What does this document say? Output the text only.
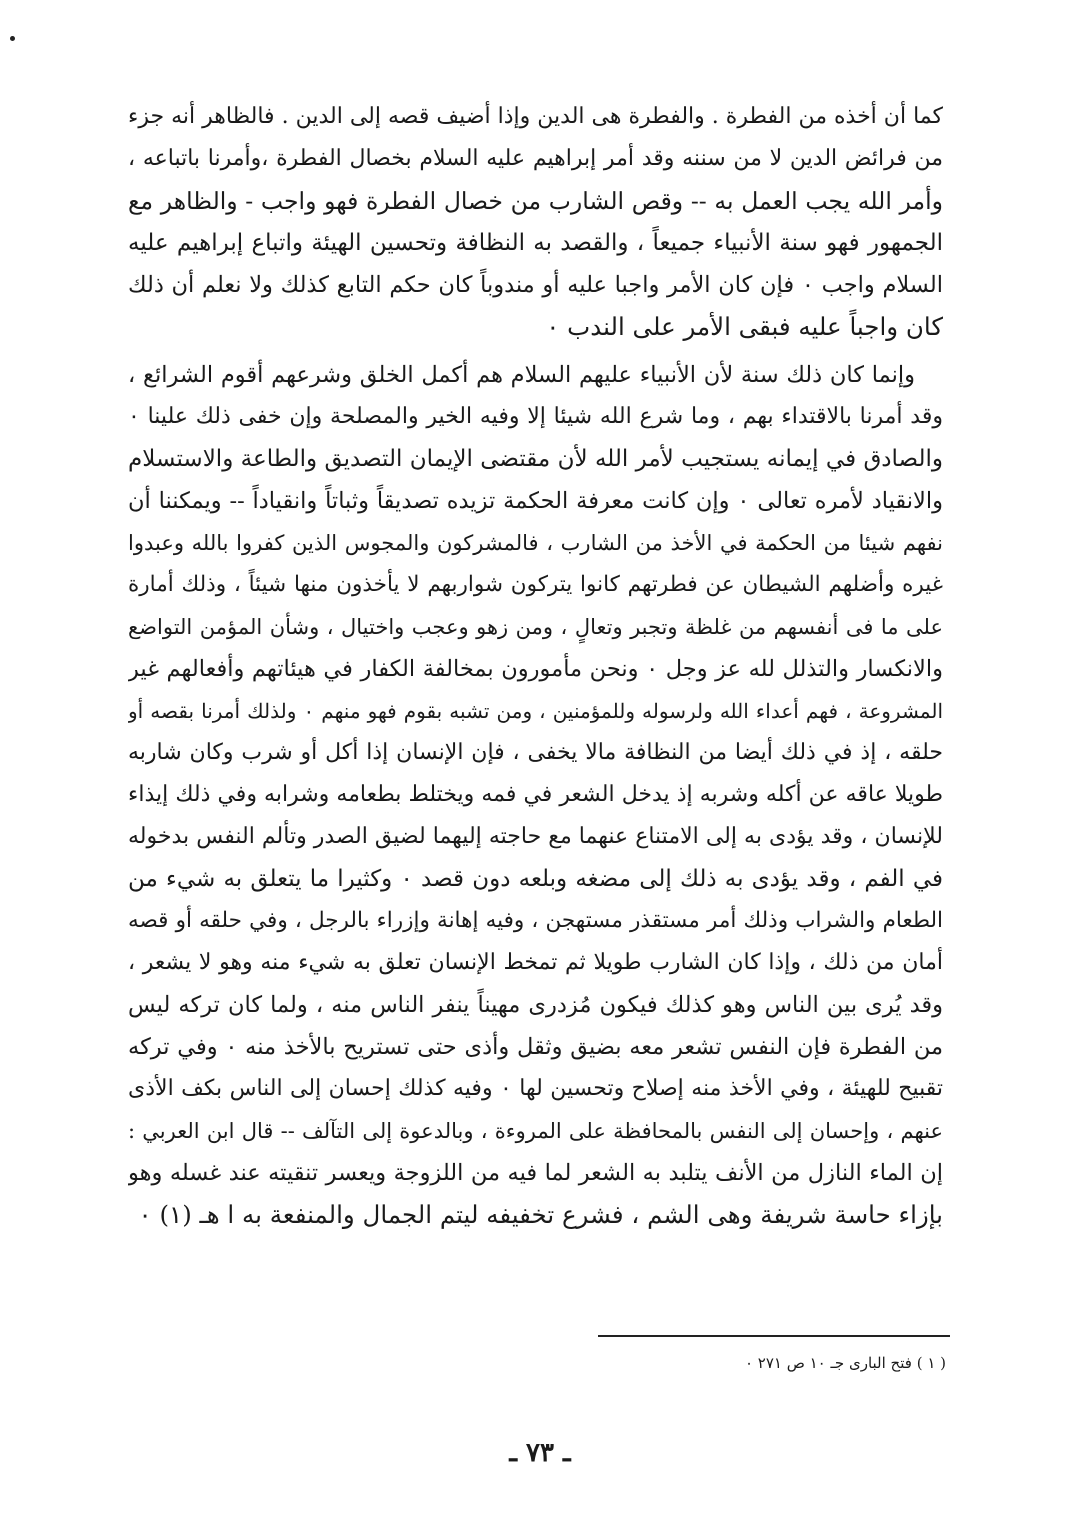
كما أن أخذه من الفطرة . والفطرة هى الدين وإذا أضيف قصه إلى الدين . فالظاهر أنه جزء
من فرائض الدين لا من سننه وقد أمر إبراهيم عليه السلام بخصال الفطرة ،وأمرنا باتباعه ،
وأمر الله يجب العمل به -- وقص الشارب من خصال الفطرة فهو واجب - والظاهر مع
الجمهور فهو سنة الأنبياء جميعاً ، والقصد به النظافة وتحسين الهيئة واتباع إبراهيم عليه
السلام واجب ٠ فإن كان الأمر واجبا عليه أو مندوباً كان حكم التابع كذلك ولا نعلم أن ذلك
كان واجباً عليه فبقى الأمر على الندب ٠
وإنما كان ذلك سنة لأن الأنبياء عليهم السلام هم أكمل الخلق وشرعهم أقوم الشرائع ،
وقد أمرنا بالاقتداء بهم ، وما شرع الله شيئا إلا وفيه الخير والمصلحة وإن خفى ذلك علينا ٠
والصادق في إيمانه يستجيب لأمر الله لأن مقتضى الإيمان التصديق والطاعة والاستسلام
والانقياد لأمره تعالى ٠ وإن كانت معرفة الحكمة تزيده تصديقاً وثباتاً وانقياداً -- ويمكننا أن
نفهم شيئا من الحكمة في الأخذ من الشارب ، فالمشركون والمجوس الذين كفروا بالله وعبدوا
غيره وأضلهم الشيطان عن فطرتهم كانوا يتركون شواربهم لا يأخذون منها شيئاً ، وذلك أمارة
على ما فى أنفسهم من غلظة وتجبر وتعالٍ ، ومن زهو وعجب واختيال ، وشأن المؤمن التواضع
والانكسار والتذلل لله عز وجل ٠ ونحن مأمورون بمخالفة الكفار في هيئاتهم وأفعالهم غير
المشروعة ، فهم أعداء الله ولرسوله وللمؤمنين ، ومن تشبه بقوم فهو منهم ٠ ولذلك أمرنا بقصه أو
حلقه ، إذ في ذلك أيضا من النظافة مالا يخفى ، فإن الإنسان إذا أكل أو شرب وكان شاربه
طويلا عاقه عن أكله وشربه إذ يدخل الشعر في فمه ويختلط بطعامه وشرابه وفي ذلك إيذاء
للإنسان ، وقد يؤدى به إلى الامتناع عنهما مع حاجته إليهما لضيق الصدر وتألم النفس بدخوله
في الفم ، وقد يؤدى به ذلك إلى مضغه وبلعه دون قصد ٠ وكثيرا ما يتعلق به شيء من
الطعام والشراب وذلك أمر مستقذر مستهجن ، وفيه إهانة وإزراء بالرجل ، وفي حلقه أو قصه
أمان من ذلك ، وإذا كان الشارب طويلا ثم تمخط الإنسان تعلق به شيء منه وهو لا يشعر ،
وقد يُرى بين الناس وهو كذلك فيكون مُزدرى مهيناً ينفر الناس منه ، ولما كان تركه ليس
من الفطرة فإن النفس تشعر معه بضيق وثقل وأذى حتى تستريح بالأخذ منه ٠ وفي تركه
تقبيح للهيئة ، وفي الأخذ منه إصلاح وتحسين لها ٠ وفيه كذلك إحسان إلى الناس بكف الأذى
عنهم ، وإحسان إلى النفس بالمحافظة على المروءة ، وبالدعوة إلى التآلف -- قال ابن العربي :
إن الماء النازل من الأنف يتلبد به الشعر لما فيه من اللزوجة ويعسر تنقيته عند غسله وهو
بإزاء حاسة شريفة وهى الشم ، فشرع تخفيفه ليتم الجمال والمنفعة به ا هـ (١) ٠
( ١ ) فتح البارى جـ ١٠ ص ٢٧١ ٠
ـ ٧٣ ـ
